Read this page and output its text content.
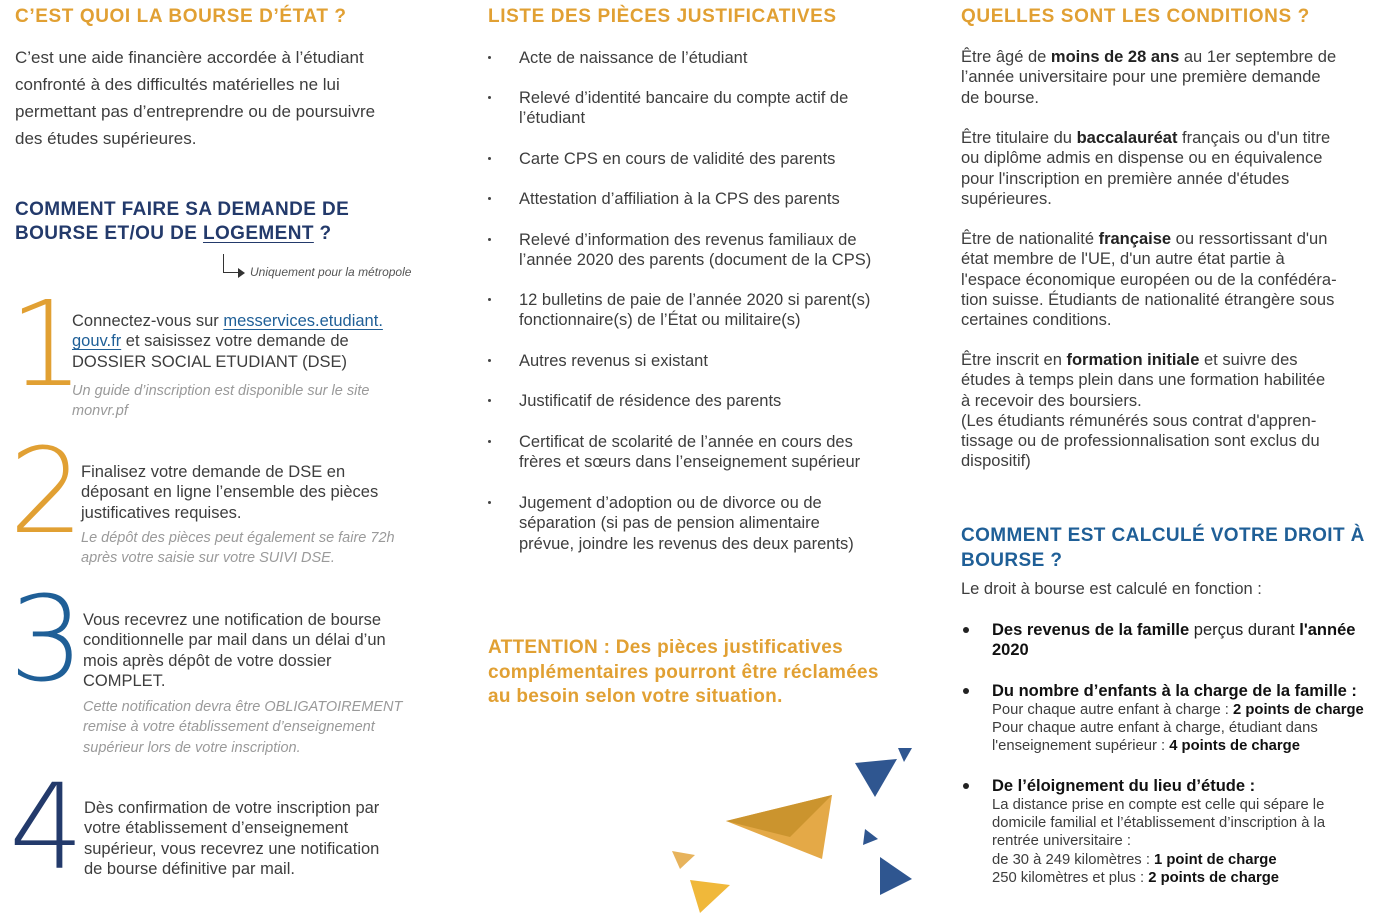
C’EST QUOI LA BOURSE D’ÉTAT ?

C’est une aide financière accordée à l’étudiant

confronté à des difficultés matérielles ne lui

permettant pas d’entreprendre ou de poursuivre

des études supérieures.

COMMENT FAIRE SA DEMANDE DE
BOURSE ET/OU DE LOGEMENT ?
Uniquement pour la métropole
1

Connectez-vous sur messervices.etudiant.
gouv.fr et saisissez votre demande de
DOSSIER SOCIAL ETUDIANT (DSE)

Un guide d’inscription est disponible sur le site
monvr.pf

2

Finalisez votre demande de DSE en
déposant en ligne l’ensemble des pièces
justificatives requises.

Le dépôt des pièces peut également se faire 72h
après votre saisie sur votre SUIVI DSE.

3

Vous recevrez une notification de bourse
conditionnelle par mail dans un délai d’un
mois après dépôt de votre dossier
COMPLET.

Cette notification devra être OBLIGATOIREMENT
remise à votre établissement d’enseignement
supérieur lors de votre inscription.

4 Dès confirmation de votre inscription par
votre établissement d’enseignement
supérieur, vous recevrez une notification
de bourse définitive par mail.

LISTE DES PIÈCES JUSTIFICATIVES
Acte de naissance de l’étudiant
Relevé d’identité bancaire du compte actif de
l’étudiant
Carte CPS en cours de validité des parents
Attestation d’affiliation à la CPS des parents
Relevé d’information des revenus familiaux de
l’année 2020 des parents (document de la CPS)
12 bulletins de paie de l’année 2020 si parent(s)
fonctionnaire(s) de l’État ou militaire(s)
Autres revenus si existant
Justificatif de résidence des parents
Certificat de scolarité de l’année en cours des
frères et sœurs dans l’enseignement supérieur
Jugement d’adoption ou de divorce ou de
séparation (si pas de pension alimentaire
prévue, joindre les revenus des deux parents)

ATTENTION : Des pièces justificatives
complémentaires pourront être réclamées
au besoin selon votre situation.

QUELLES SONT LES CONDITIONS ?

Être âgé de moins de 28 ans au 1er septembre de
l’année universitaire pour une première demande
de bourse.

Être titulaire du baccalauréat français ou d'un titre
ou diplôme admis en dispense ou en équivalence
pour l'inscription en première année d'études
supérieures.

Être de nationalité française ou ressortissant d'un
état membre de l'UE, d'un autre état partie à
l'espace économique européen ou de la confédéra-
tion suisse. Étudiants de nationalité étrangère sous
certaines conditions.

Être inscrit en formation initiale et suivre des
études à temps plein dans une formation habilitée
à recevoir des boursiers.
(Les étudiants rémunérés sous contrat d'appren-
tissage ou de professionnalisation sont exclus du
dispositif)

COMMENT EST CALCULÉ VOTRE DROIT À
BOURSE ?

Le droit à bourse est calculé en fonction :

Des revenus de la famille perçus durant l'année
2020
Du nombre d’enfants à la charge de la famille :
Pour chaque autre enfant à charge : 2 points de charge
Pour chaque autre enfant à charge, étudiant dans
l'enseignement supérieur : 4 points de charge
De l’éloignement du lieu d’étude :
La distance prise en compte est celle qui sépare le
domicile familial et l’établissement d’inscription à la
rentrée universitaire :
de 30 à 249 kilomètres : 1 point de charge
250 kilomètres et plus : 2 points de charge
